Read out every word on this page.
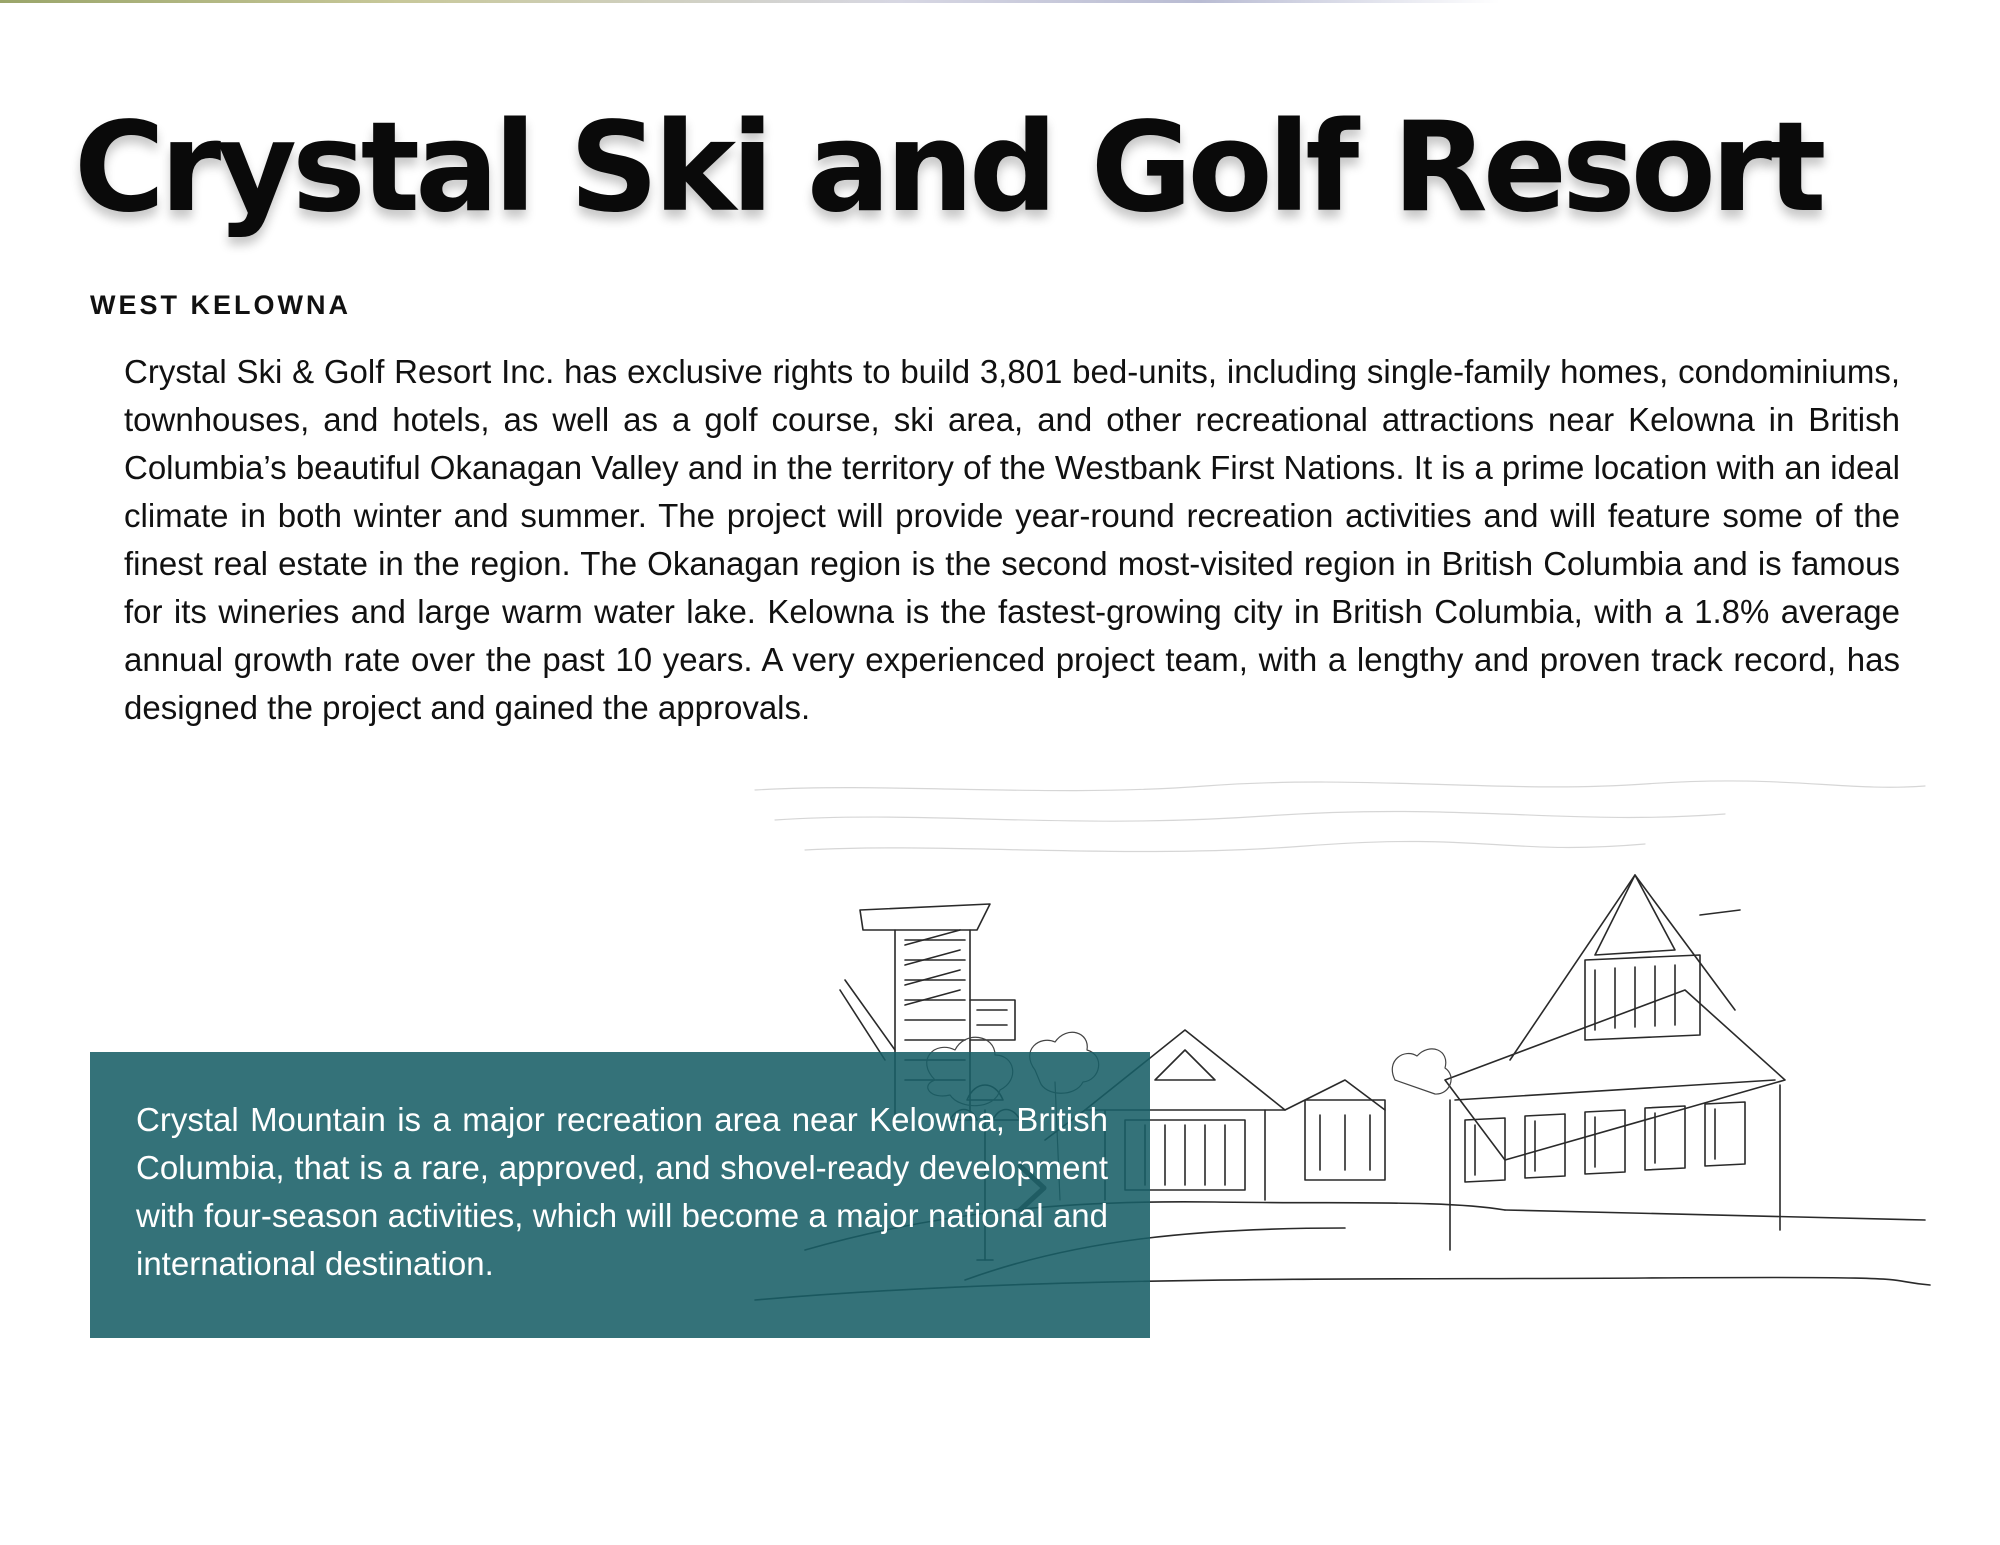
Crystal Ski and Golf Resort
WEST KELOWNA

Crystal Ski & Golf Resort Inc. has exclusive rights to build 3,801 bed-units, including single-family homes, condominiums, townhouses, and hotels, as well as a golf course, ski area, and other recreational attractions near Kelowna in British Columbia’s beautiful Okanagan Valley and in the territory of the Westbank First Nations. It is a prime location with an ideal climate in both winter and summer. The project will provide year-round recreation activities and will feature some of the finest real estate in the region. The Okanagan region is the second most-visited region in British Columbia and is famous for its wineries and large warm water lake. Kelowna is the fastest-growing city in British Columbia, with a 1.8% average annual growth rate over the past 10 years. A very experienced project team, with a lengthy and proven track record, has designed the project and gained the approvals.

Crystal Mountain is a major recreation area near Kelowna, British Columbia, that is a rare, approved, and shovel-ready development with four-season activities, which will become a major national and international destination.
